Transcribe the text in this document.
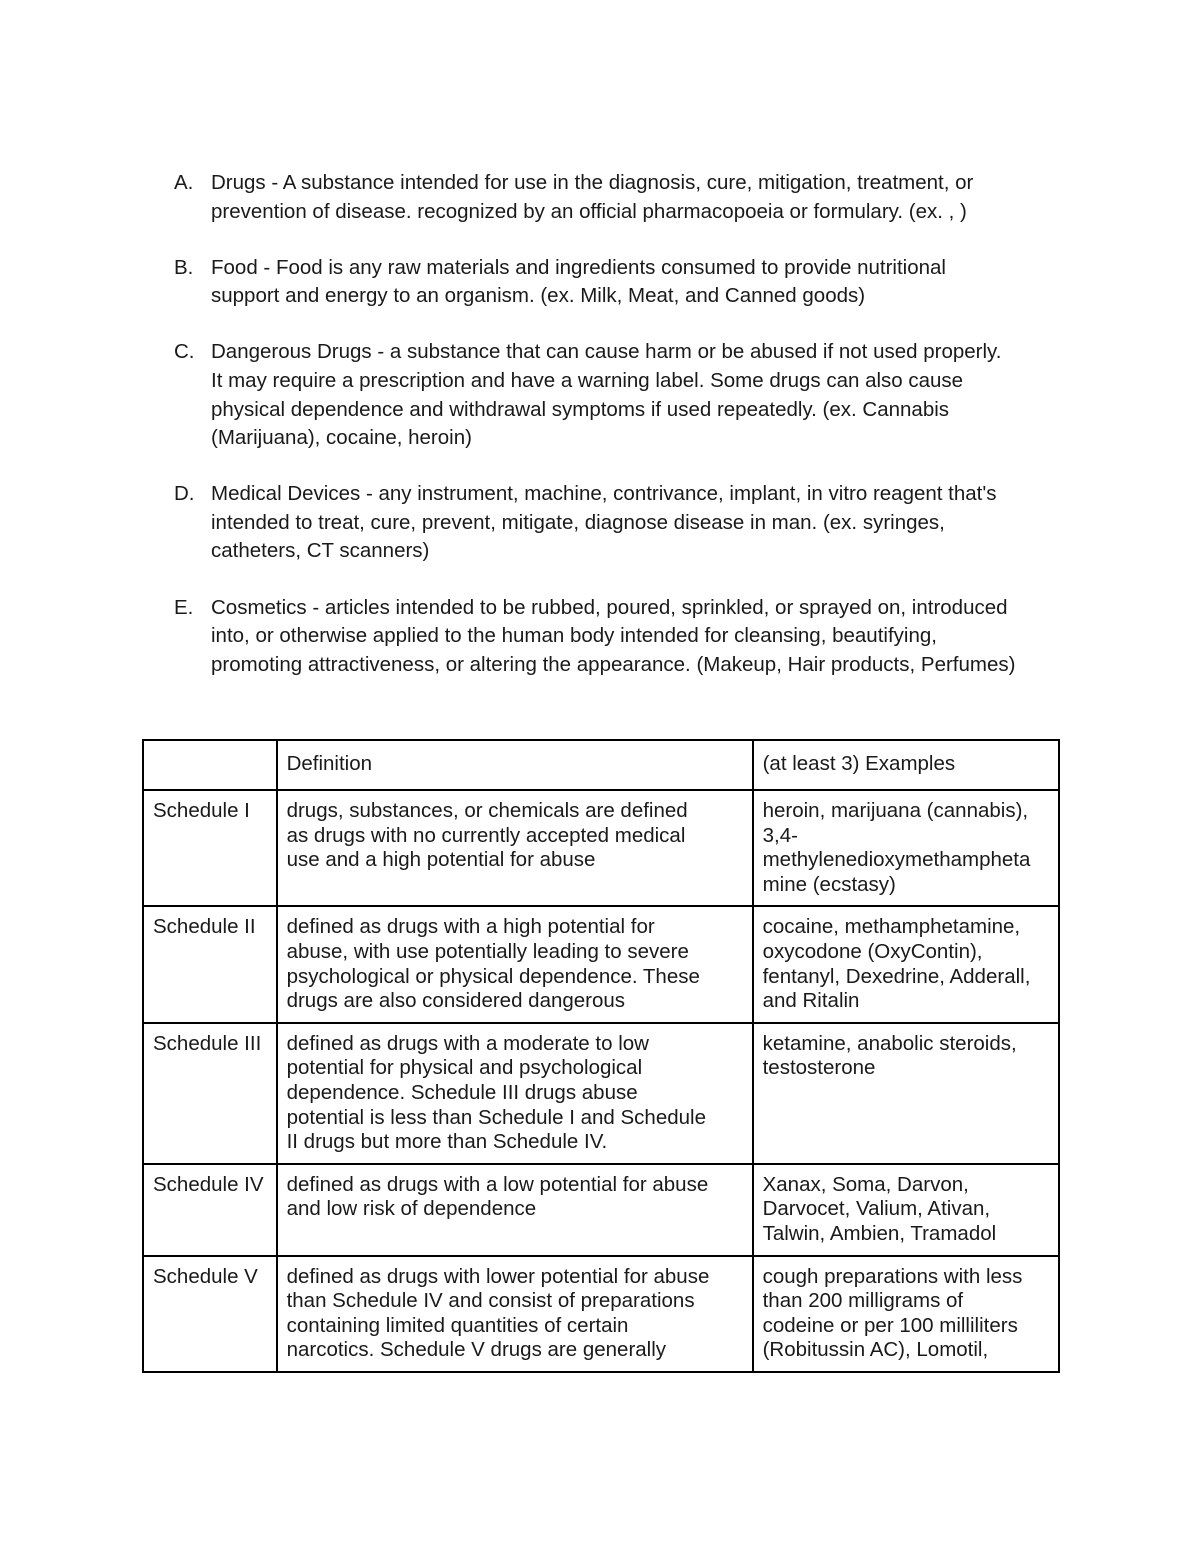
A. Drugs - A substance intended for use in the diagnosis, cure, mitigation, treatment, or
prevention of disease. recognized by an official pharmacopoeia or formulary. (ex. , )
B. Food - Food is any raw materials and ingredients consumed to provide nutritional
support and energy to an organism. (ex. Milk, Meat, and Canned goods)
C. Dangerous Drugs - a substance that can cause harm or be abused if not used properly.
It may require a prescription and have a warning label. Some drugs can also cause
physical dependence and withdrawal symptoms if used repeatedly. (ex. Cannabis
(Marijuana), cocaine, heroin)
D. Medical Devices - any instrument, machine, contrivance, implant, in vitro reagent that's
intended to treat, cure, prevent, mitigate, diagnose disease in man. (ex. syringes,
catheters, CT scanners)
E. Cosmetics - articles intended to be rubbed, poured, sprinkled, or sprayed on, introduced
into, or otherwise applied to the human body intended for cleansing, beautifying,
promoting attractiveness, or altering the appearance. (Makeup, Hair products, Perfumes)
	Definition	(at least 3) Examples

Schedule I	drugs, substances, or chemicals are defined
as drugs with no currently accepted medical
use and a high potential for abuse	heroin, marijuana (cannabis),
3,4-
methylenedioxymethampheta
mine (ecstasy)

Schedule II	defined as drugs with a high potential for
abuse, with use potentially leading to severe
psychological or physical dependence. These
drugs are also considered dangerous	cocaine, methamphetamine,
oxycodone (OxyContin),
fentanyl, Dexedrine, Adderall,
and Ritalin

Schedule III	defined as drugs with a moderate to low
potential for physical and psychological
dependence. Schedule III drugs abuse
potential is less than Schedule I and Schedule
II drugs but more than Schedule IV.	ketamine, anabolic steroids,
testosterone

Schedule IV	defined as drugs with a low potential for abuse
and low risk of dependence	Xanax, Soma, Darvon,
Darvocet, Valium, Ativan,
Talwin, Ambien, Tramadol

Schedule V	defined as drugs with lower potential for abuse
than Schedule IV and consist of preparations
containing limited quantities of certain
narcotics. Schedule V drugs are generally	cough preparations with less
than 200 milligrams of
codeine or per 100 milliliters
(Robitussin AC), Lomotil,
